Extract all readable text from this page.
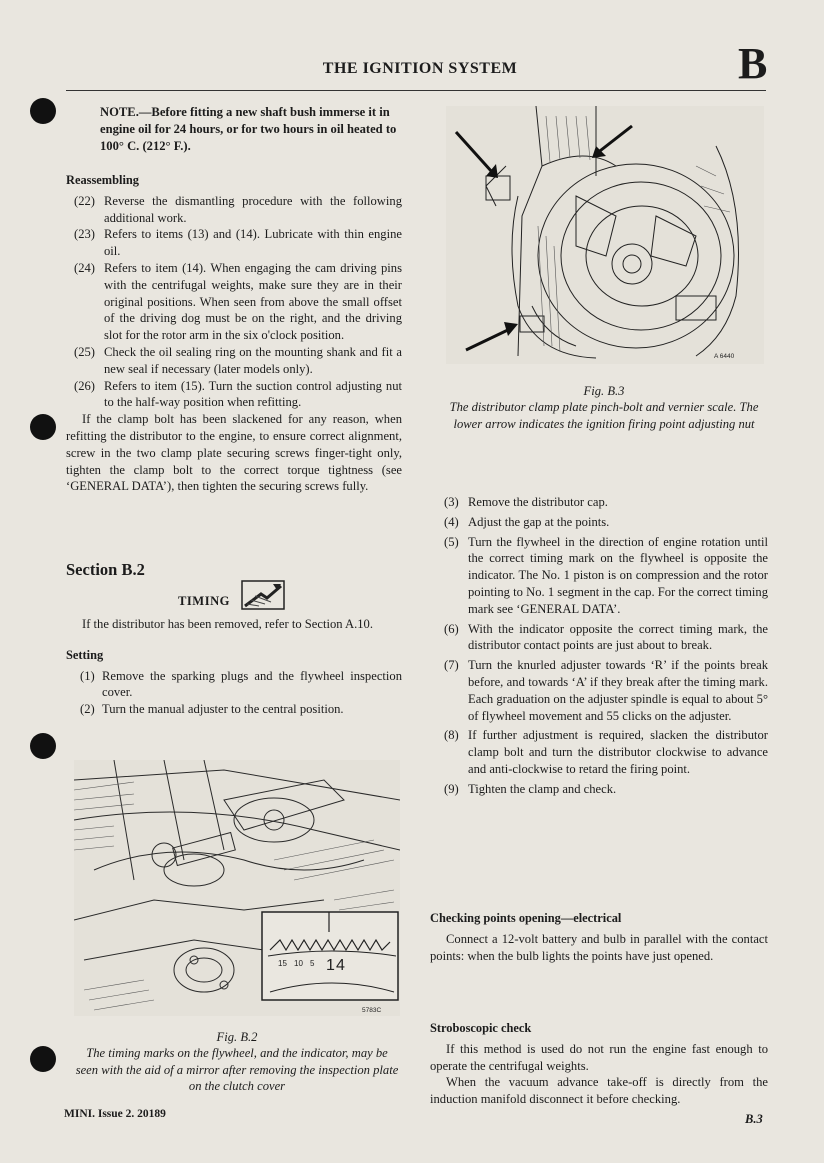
THE IGNITION SYSTEM	B
NOTE.—Before fitting a new shaft bush immerse it in engine oil for 24 hours, or for two hours in oil heated to 100° C. (212° F.).
Reassembling
(22) Reverse the dismantling procedure with the following additional work.
(23) Refers to items (13) and (14). Lubricate with thin engine oil.
(24) Refers to item (14). When engaging the cam driving pins with the centrifugal weights, make sure they are in their original positions. When seen from above the small offset of the driving dog must be on the right, and the driving slot for the rotor arm in the six o'clock position.
(25) Check the oil sealing ring on the mounting shank and fit a new seal if necessary (later models only).
(26) Refers to item (15). Turn the suction control adjusting nut to the half-way position when refitting.
If the clamp bolt has been slackened for any reason, when refitting the distributor to the engine, to ensure correct alignment, screw in the two clamp plate securing screws finger-tight only, tighten the clamp bolt to the correct torque tightness (see ‘GENERAL DATA’), then tighten the securing screws fully.
Section B.2
TIMING
If the distributor has been removed, refer to Section A.10.
Setting
(1) Remove the sparking plugs and the flywheel inspection cover.
(2) Turn the manual adjuster to the central position.
15 10 5 1 4
5783C
Fig. B.2
The timing marks on the flywheel, and the indicator, may be seen with the aid of a mirror after removing the inspection plate on the clutch cover
A 6440
Fig. B.3
The distributor clamp plate pinch-bolt and vernier scale. The lower arrow indicates the ignition firing point adjusting nut
(3) Remove the distributor cap.
(4) Adjust the gap at the points.
(5) Turn the flywheel in the direction of engine rotation until the correct timing mark on the flywheel is opposite the indicator. The No. 1 piston is on compression and the rotor pointing to No. 1 segment in the cap. For the correct timing mark see ‘GENERAL DATA’.
(6) With the indicator opposite the correct timing mark, the distributor contact points are just about to break.
(7) Turn the knurled adjuster towards ‘R’ if the points break before, and towards ‘A’ if they break after the timing mark. Each graduation on the adjuster spindle is equal to about 5° of flywheel movement and 55 clicks on the adjuster.
(8) If further adjustment is required, slacken the distributor clamp bolt and turn the distributor clockwise to advance and anti-clockwise to retard the firing point.
(9) Tighten the clamp and check.
Checking points opening—electrical
Connect a 12-volt battery and bulb in parallel with the contact points: when the bulb lights the points have just opened.
Stroboscopic check
If this method is used do not run the engine fast enough to operate the centrifugal weights.
When the vacuum advance take-off is directly from the induction manifold disconnect it before checking.
MINI. Issue 2. 20189	B.3
